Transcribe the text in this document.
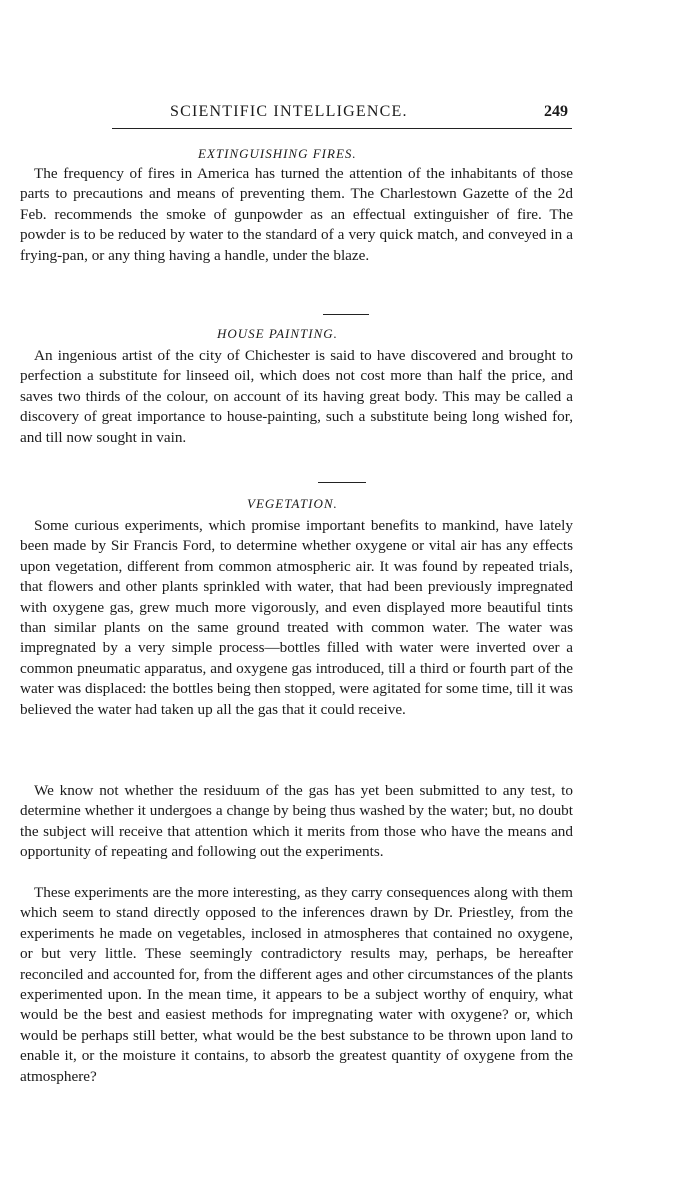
SCIENTIFIC INTELLIGENCE.	249
EXTINGUISHING FIRES.
The frequency of fires in America has turned the attention of the inhabitants of those parts to precautions and means of preventing them. The Charlestown Gazette of the 2d Feb. recommends the smoke of gunpowder as an effectual extinguisher of fire. The powder is to be reduced by water to the standard of a very quick match, and conveyed in a frying-pan, or any thing having a handle, under the blaze.
HOUSE PAINTING.
An ingenious artist of the city of Chichester is said to have discovered and brought to perfection a substitute for linseed oil, which does not cost more than half the price, and saves two thirds of the colour, on account of its having great body. This may be called a discovery of great importance to house-painting, such a substitute being long wished for, and till now sought in vain.
VEGETATION.
Some curious experiments, which promise important benefits to mankind, have lately been made by Sir Francis Ford, to determine whether oxygene or vital air has any effects upon vegetation, different from common atmospheric air. It was found by repeated trials, that flowers and other plants sprinkled with water, that had been previously impregnated with oxygene gas, grew much more vigorously, and even displayed more beautiful tints than similar plants on the same ground treated with common water. The water was impregnated by a very simple process—bottles filled with water were inverted over a common pneumatic apparatus, and oxygene gas introduced, till a third or fourth part of the water was displaced: the bottles being then stopped, were agitated for some time, till it was believed the water had taken up all the gas that it could receive.
We know not whether the residuum of the gas has yet been submitted to any test, to determine whether it undergoes a change by being thus washed by the water; but, no doubt the subject will receive that attention which it merits from those who have the means and opportunity of repeating and following out the experiments.
These experiments are the more interesting, as they carry consequences along with them which seem to stand directly opposed to the inferences drawn by Dr. Priestley, from the experiments he made on vegetables, inclosed in atmospheres that contained no oxygene, or but very little. These seemingly contradictory results may, perhaps, be hereafter reconciled and accounted for, from the different ages and other circumstances of the plants experimented upon. In the mean time, it appears to be a subject worthy of enquiry, what would be the best and easiest methods for impregnating water with oxygene? or, which would be perhaps still better, what would be the best substance to be thrown upon land to enable it, or the moisture it contains, to absorb the greatest quantity of oxygene from the atmosphere?
